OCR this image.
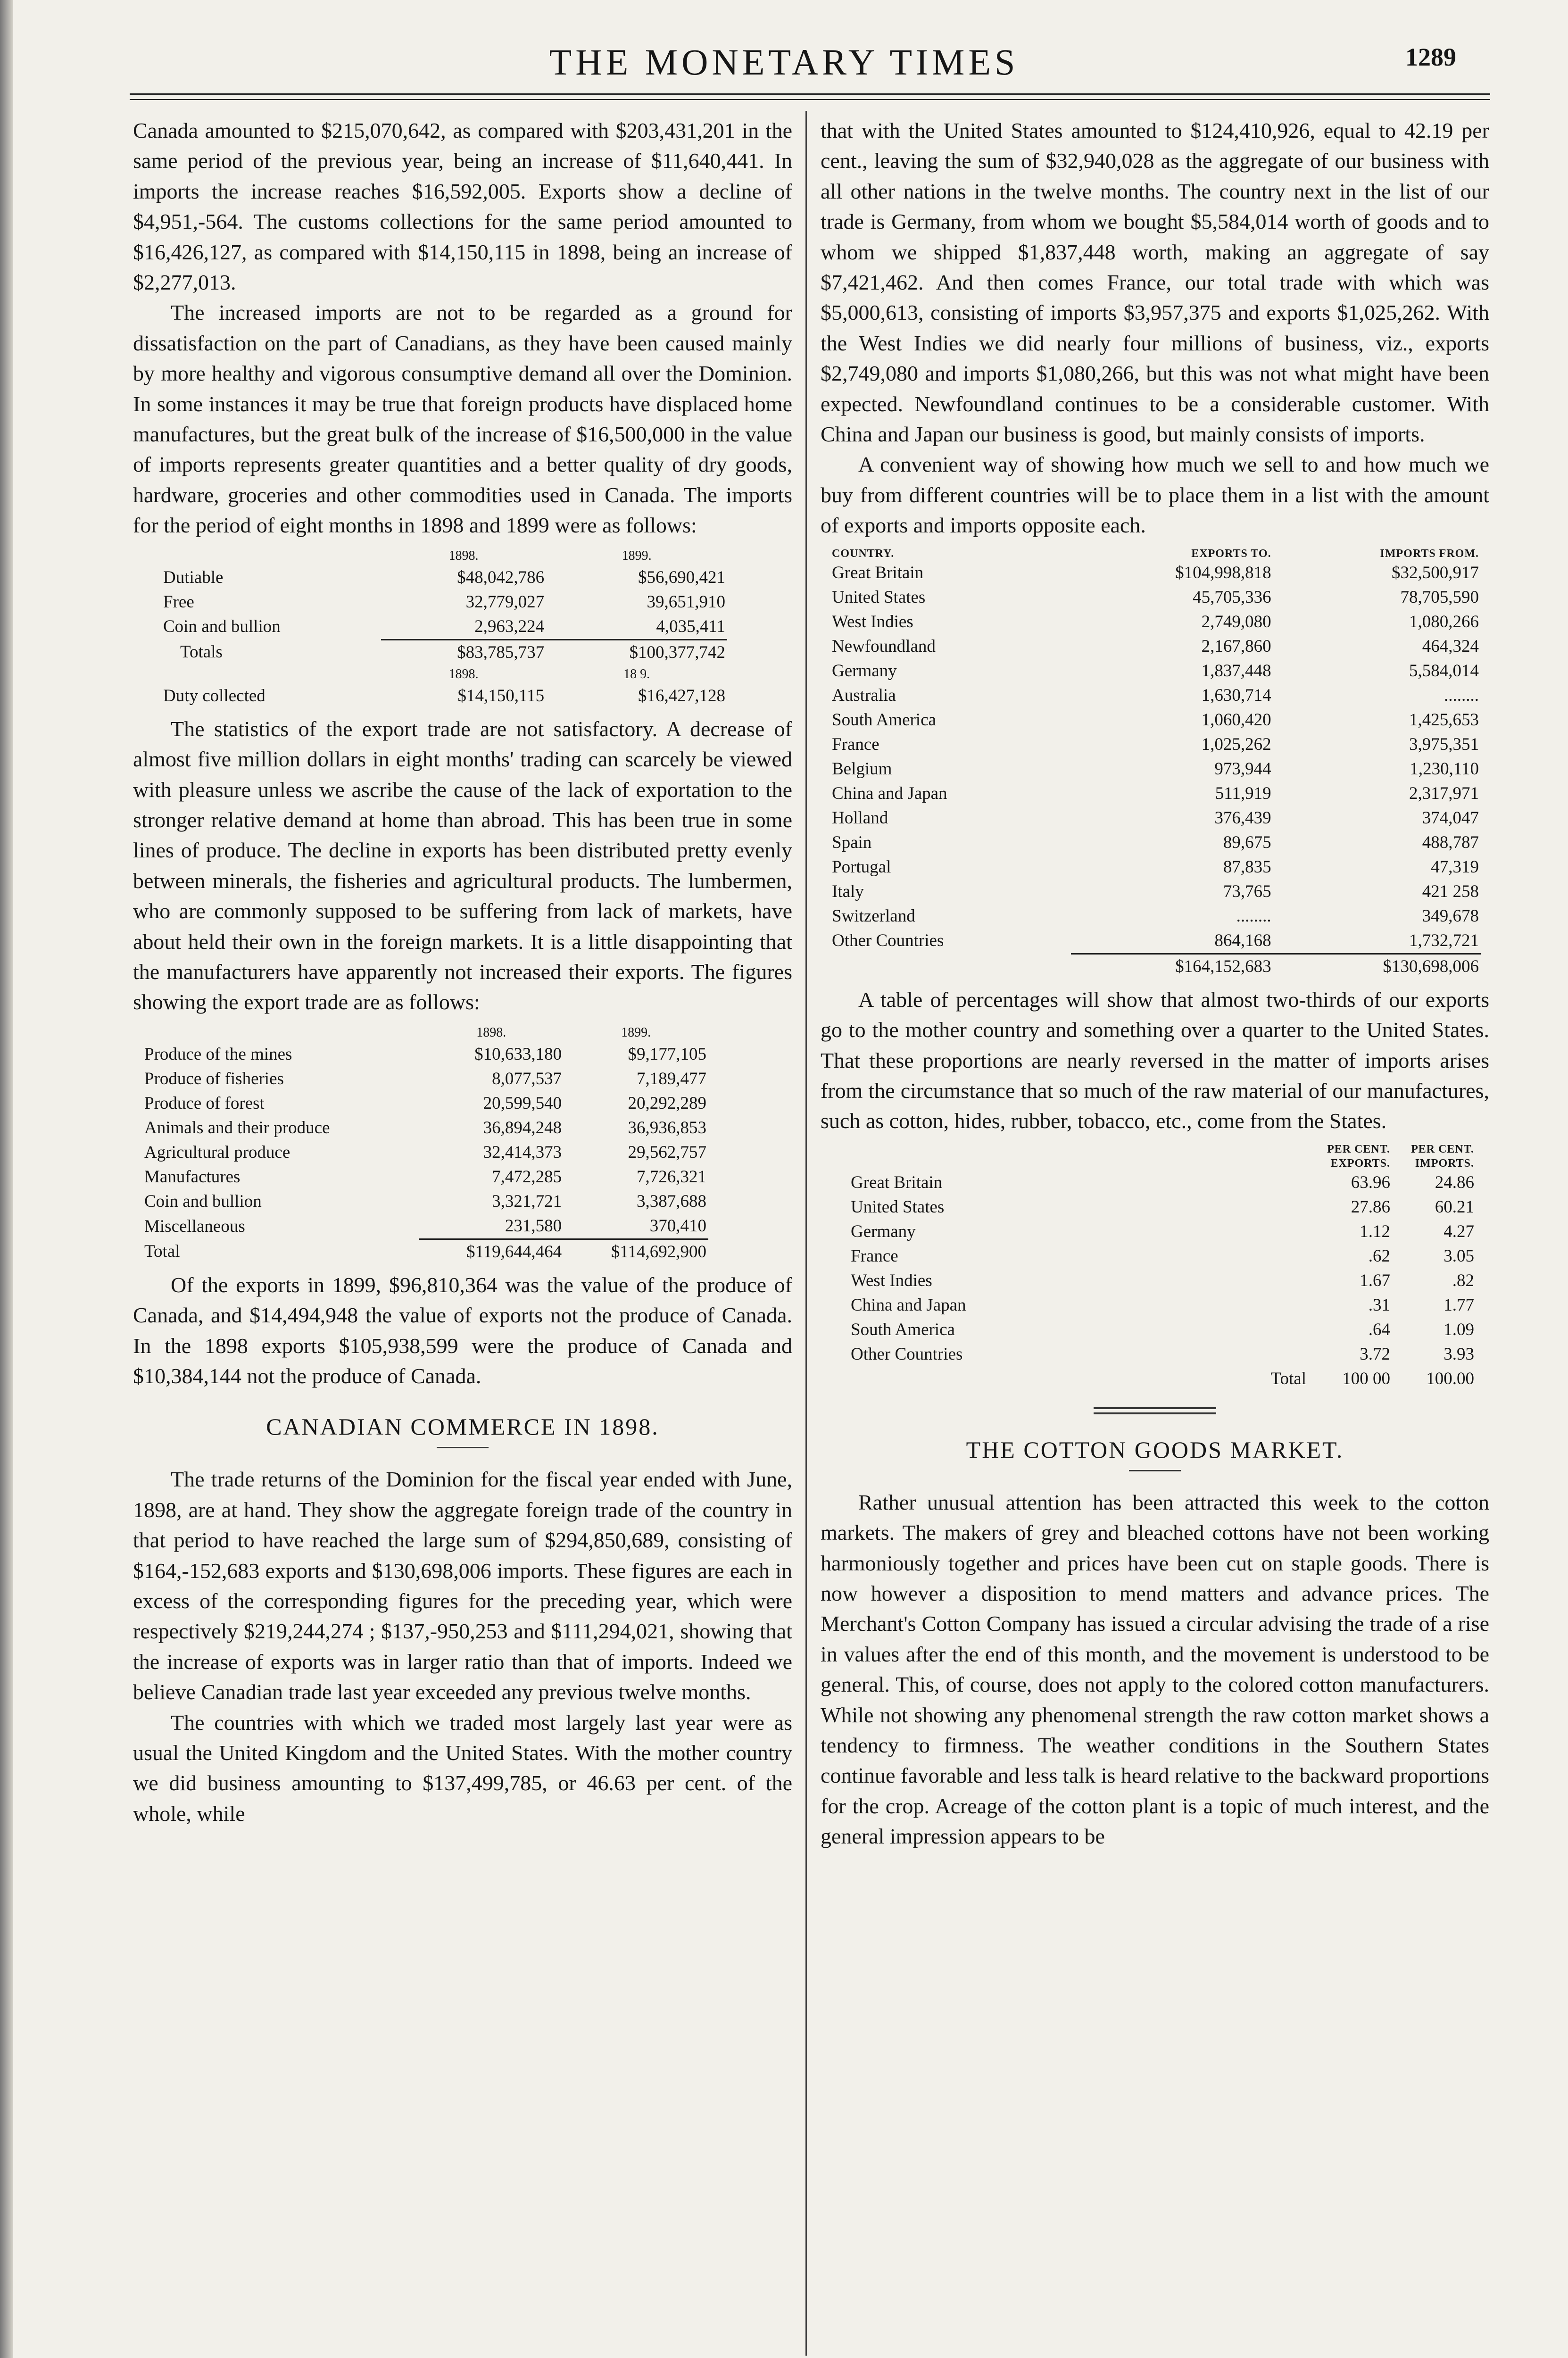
THE MONETARY TIMES	1289

Canada amounted to $215,070,642, as compared with $203,431,201 in the same period of the previous year, being an increase of $11,640,441. In imports the increase reaches $16,592,005. Exports show a decline of $4,951,-564. The customs collections for the same period amounted to $16,426,127, as compared with $14,150,115 in 1898, being an increase of $2,277,013.

The increased imports are not to be regarded as a ground for dissatisfaction on the part of Canadians, as they have been caused mainly by more healthy and vigorous consumptive demand all over the Dominion. In some instances it may be true that foreign products have displaced home manufactures, but the great bulk of the increase of $16,500,000 in the value of imports represents greater quantities and a better quality of dry goods, hardware, groceries and other commodities used in Canada. The imports for the period of eight months in 1898 and 1899 were as follows:

	1898.	1899.
Dutiable	$48,042,786	$56,690,421
Free	32,779,027	39,651,910
Coin and bullion	2,963,224	4,035,411
Totals	$83,785,737	$100,377,742
	1898.	18 9.
Duty collected	$14,150,115	$16,427,128

The statistics of the export trade are not satisfactory. A decrease of almost five million dollars in eight months' trading can scarcely be viewed with pleasure unless we ascribe the cause of the lack of exportation to the stronger relative demand at home than abroad. This has been true in some lines of produce. The decline in exports has been distributed pretty evenly between minerals, the fisheries and agricultural products. The lumbermen, who are commonly supposed to be suffering from lack of markets, have about held their own in the foreign markets. It is a little disappointing that the manufacturers have apparently not increased their exports. The figures showing the export trade are as follows:

	1898.	1899.
Produce of the mines	$10,633,180	$9,177,105
Produce of fisheries	8,077,537	7,189,477
Produce of forest	20,599,540	20,292,289
Animals and their produce	36,894,248	36,936,853
Agricultural produce	32,414,373	29,562,757
Manufactures	7,472,285	7,726,321
Coin and bullion	3,321,721	3,387,688
Miscellaneous	231,580	370,410
Total	$119,644,464	$114,692,900

Of the exports in 1899, $96,810,364 was the value of the produce of Canada, and $14,494,948 the value of exports not the produce of Canada. In the 1898 exports $105,938,599 were the produce of Canada and $10,384,144 not the produce of Canada.

CANADIAN COMMERCE IN 1898.

The trade returns of the Dominion for the fiscal year ended with June, 1898, are at hand. They show the aggregate foreign trade of the country in that period to have reached the large sum of $294,850,689, consisting of $164,-152,683 exports and $130,698,006 imports. These figures are each in excess of the corresponding figures for the preceding year, which were respectively $219,244,274 ; $137,-950,253 and $111,294,021, showing that the increase of exports was in larger ratio than that of imports. Indeed we believe Canadian trade last year exceeded any previous twelve months.

The countries with which we traded most largely last year were as usual the United Kingdom and the United States. With the mother country we did business amounting to $137,499,785, or 46.63 per cent. of the whole, while

that with the United States amounted to $124,410,926, equal to 42.19 per cent., leaving the sum of $32,940,028 as the aggregate of our business with all other nations in the twelve months. The country next in the list of our trade is Germany, from whom we bought $5,584,014 worth of goods and to whom we shipped $1,837,448 worth, making an aggregate of say $7,421,462. And then comes France, our total trade with which was $5,000,613, consisting of imports $3,957,375 and exports $1,025,262. With the West Indies we did nearly four millions of business, viz., exports $2,749,080 and imports $1,080,266, but this was not what might have been expected. Newfoundland continues to be a considerable customer. With China and Japan our business is good, but mainly consists of imports.

A convenient way of showing how much we sell to and how much we buy from different countries will be to place them in a list with the amount of exports and imports opposite each.

COUNTRY.	EXPORTS TO.	IMPORTS FROM.
Great Britain	$104,998,818	$32,500,917
United States	45,705,336	78,705,590
West Indies	2,749,080	1,080,266
Newfoundland	2,167,860	464,324
Germany	1,837,448	5,584,014
Australia	1,630,714	........
South America	1,060,420	1,425,653
France	1,025,262	3,975,351
Belgium	973,944	1,230,110
China and Japan	511,919	2,317,971
Holland	376,439	374,047
Spain	89,675	488,787
Portugal	87,835	47,319
Italy	73,765	421 258
Switzerland	........	349,678
Other Countries	864,168	1,732,721
	$164,152,683	$130,698,006

A table of percentages will show that almost two-thirds of our exports go to the mother country and something over a quarter to the United States. That these proportions are nearly reversed in the matter of imports arises from the circumstance that so much of the raw material of our manufactures, such as cotton, hides, rubber, tobacco, etc., come from the States.

	PER CENT. EXPORTS.	PER CENT. IMPORTS.
Great Britain	63.96	24.86
United States	27.86	60.21
Germany	1.12	4.27
France	.62	3.05
West Indies	1.67	.82
China and Japan	.31	1.77
South America	.64	1.09
Other Countries	3.72	3.93
Total	100 00	100.00
THE COTTON GOODS MARKET.

Rather unusual attention has been attracted this week to the cotton markets. The makers of grey and bleached cottons have not been working harmoniously together and prices have been cut on staple goods. There is now however a disposition to mend matters and advance prices. The Merchant's Cotton Company has issued a circular advising the trade of a rise in values after the end of this month, and the movement is understood to be general. This, of course, does not apply to the colored cotton manufacturers. While not showing any phenomenal strength the raw cotton market shows a tendency to firmness. The weather conditions in the Southern States continue favorable and less talk is heard relative to the backward proportions for the crop. Acreage of the cotton plant is a topic of much interest, and the general impression appears to be
